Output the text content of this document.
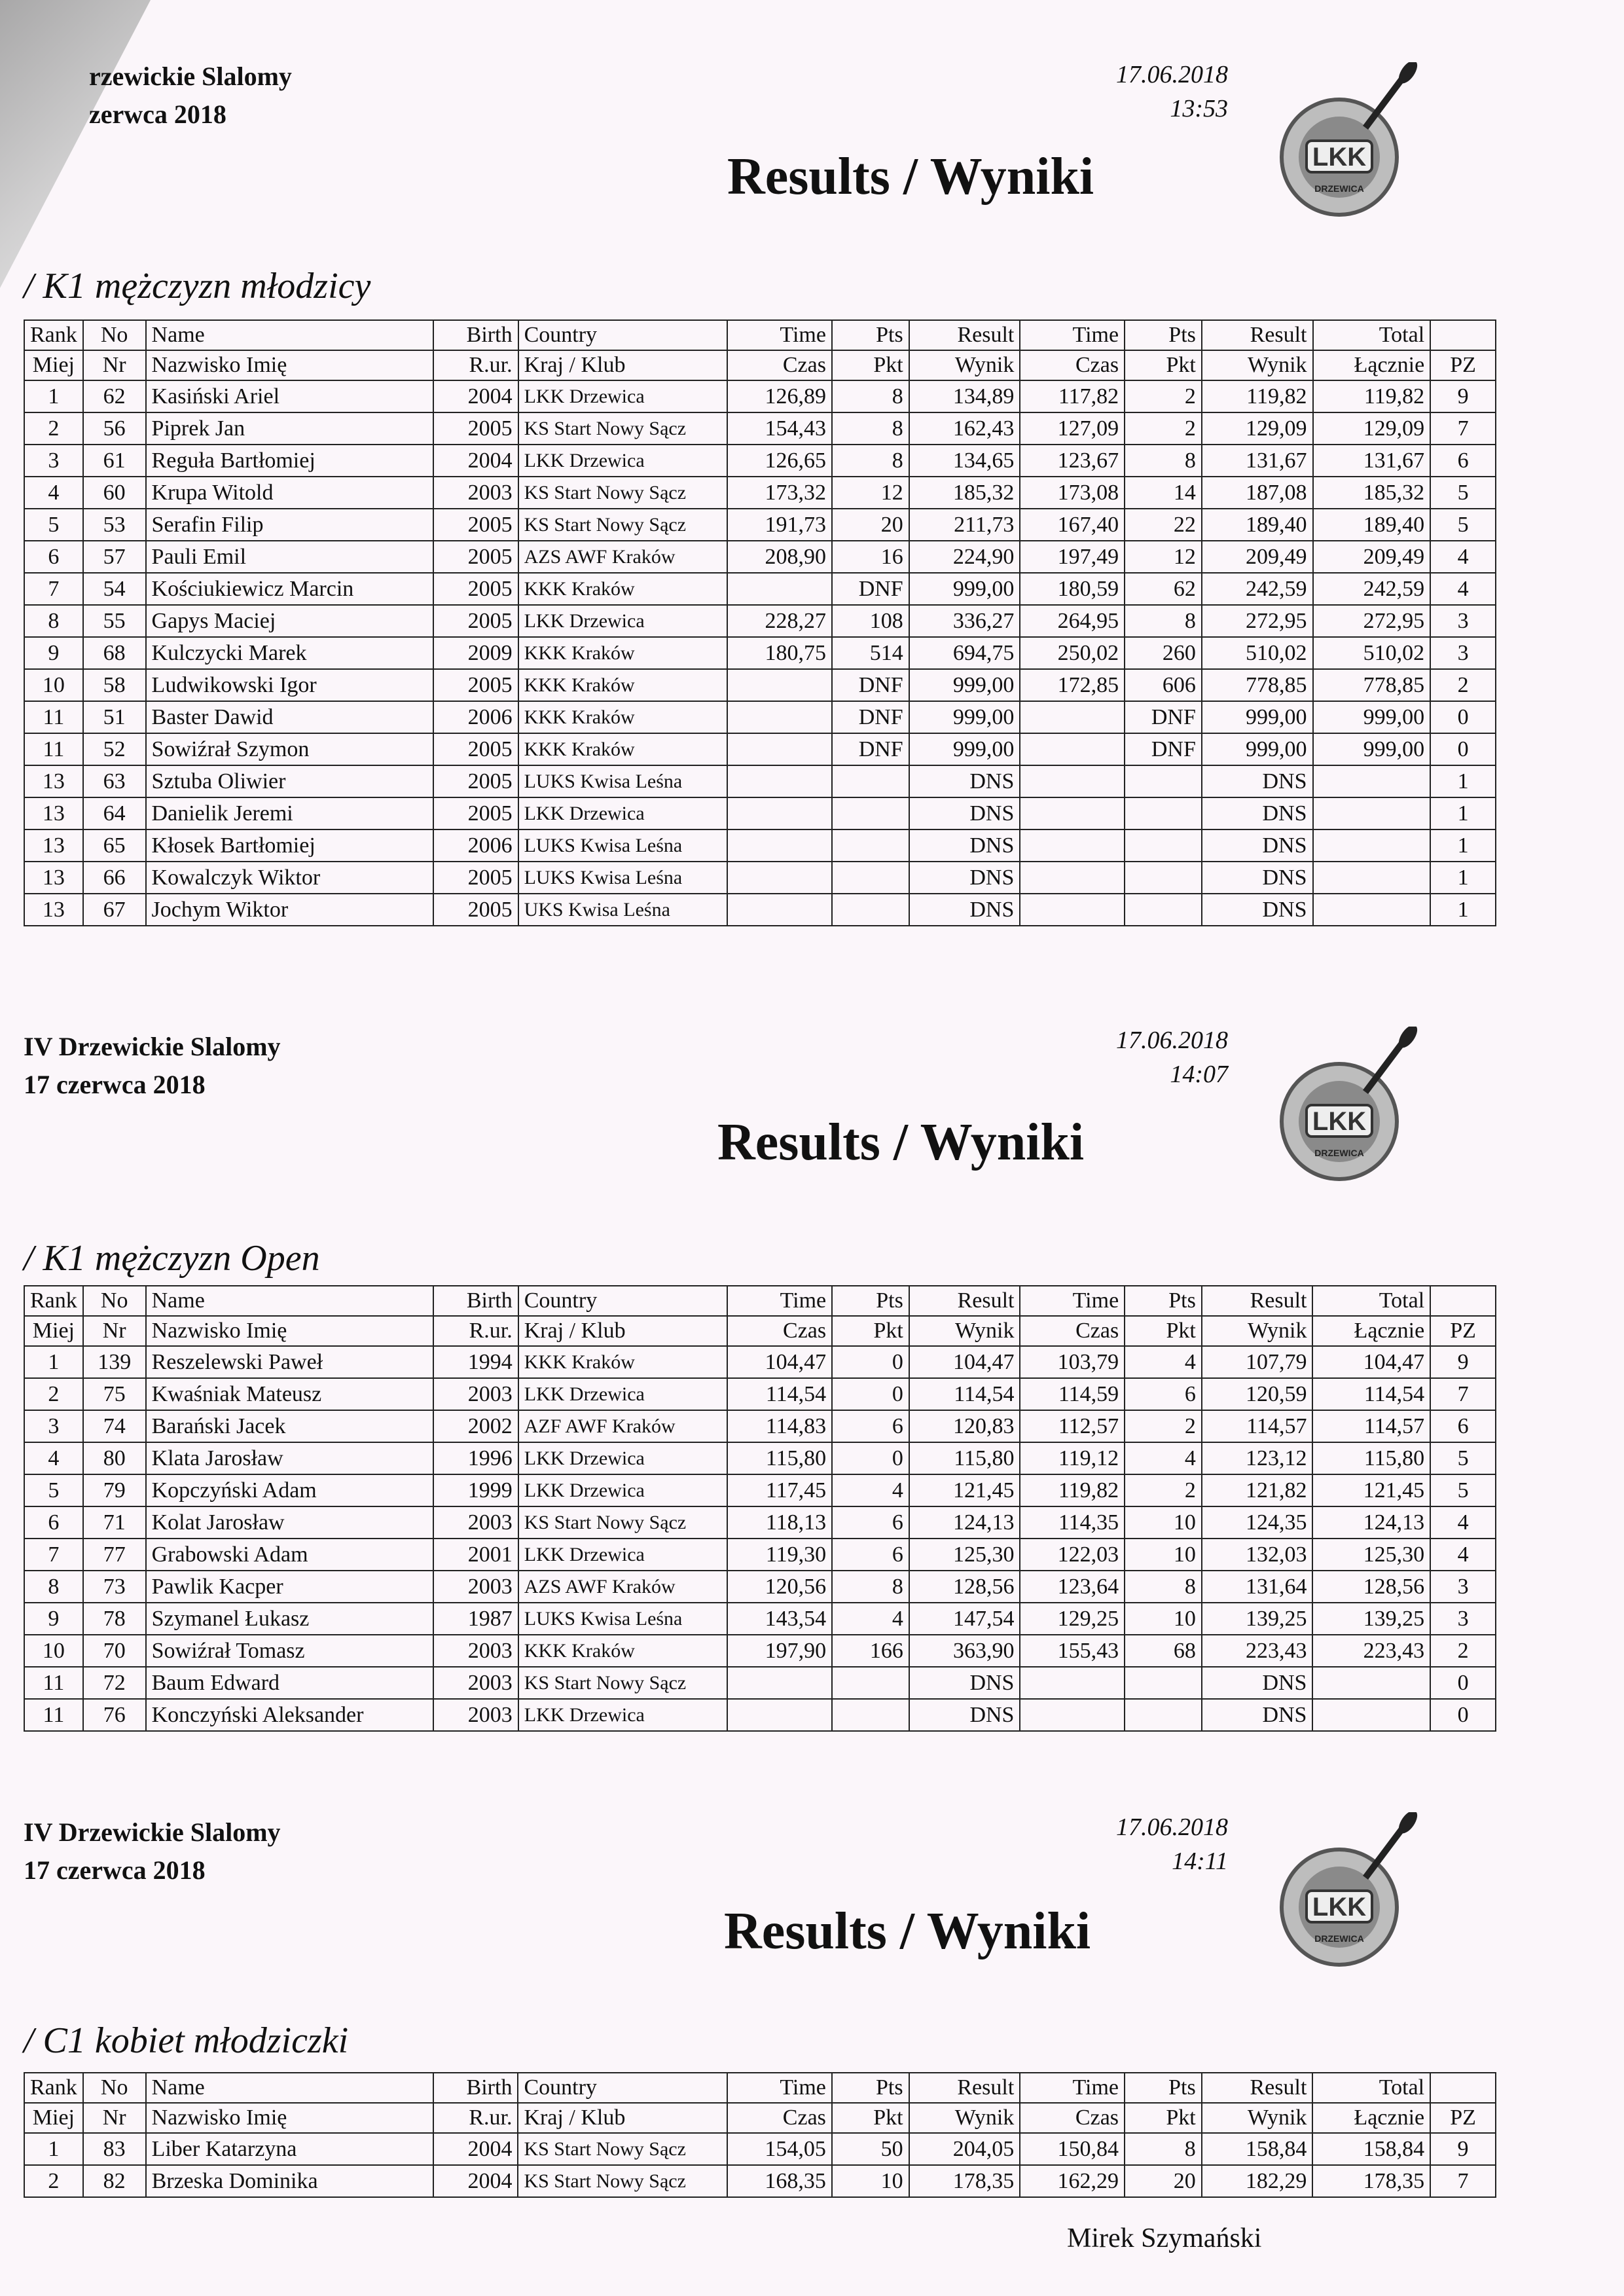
rzewickie Slalomy
zerwca 2018
17.06.2018
13:53
Results / Wyniki	LKK
DRZEWICA
/ K1 mężczyzn młodzicy
Rank	No	Name	Birth	Country	Time	Pts	Result	Time	Pts	Result	Total	
Miej	Nr	Nazwisko Imię	R.ur.	Kraj / Klub	Czas	Pkt	Wynik	Czas	Pkt	Wynik	Łącznie	PZ
1	62	Kasiński Ariel	2004	LKK Drzewica	126,89	8	134,89	117,82	2	119,82	119,82	9
2	56	Piprek Jan	2005	KS Start Nowy Sącz	154,43	8	162,43	127,09	2	129,09	129,09	7
3	61	Reguła Bartłomiej	2004	LKK Drzewica	126,65	8	134,65	123,67	8	131,67	131,67	6
4	60	Krupa Witold	2003	KS Start Nowy Sącz	173,32	12	185,32	173,08	14	187,08	185,32	5
5	53	Serafin Filip	2005	KS Start Nowy Sącz	191,73	20	211,73	167,40	22	189,40	189,40	5
6	57	Pauli Emil	2005	AZS AWF Kraków	208,90	16	224,90	197,49	12	209,49	209,49	4
7	54	Kościukiewicz Marcin	2005	KKK Kraków		DNF	999,00	180,59	62	242,59	242,59	4
8	55	Gapys Maciej	2005	LKK Drzewica	228,27	108	336,27	264,95	8	272,95	272,95	3
9	68	Kulczycki Marek	2009	KKK Kraków	180,75	514	694,75	250,02	260	510,02	510,02	3
10	58	Ludwikowski Igor	2005	KKK Kraków		DNF	999,00	172,85	606	778,85	778,85	2
11	51	Baster Dawid	2006	KKK Kraków		DNF	999,00		DNF	999,00	999,00	0
11	52	Sowiźrał Szymon	2005	KKK Kraków		DNF	999,00		DNF	999,00	999,00	0
13	63	Sztuba Oliwier	2005	LUKS Kwisa Leśna			DNS			DNS		1
13	64	Danielik Jeremi	2005	LKK Drzewica			DNS			DNS		1
13	65	Kłosek Bartłomiej	2006	LUKS Kwisa Leśna			DNS			DNS		1
13	66	Kowalczyk Wiktor	2005	LUKS Kwisa Leśna			DNS			DNS		1
13	67	Jochym Wiktor	2005	UKS Kwisa Leśna			DNS			DNS		1
IV Drzewickie Slalomy
17 czerwca 2018
17.06.2018
14:07
Results / Wyniki	LKK
DRZEWICA
/ K1 mężczyzn Open
Rank	No	Name	Birth	Country	Time	Pts	Result	Time	Pts	Result	Total	
Miej	Nr	Nazwisko Imię	R.ur.	Kraj / Klub	Czas	Pkt	Wynik	Czas	Pkt	Wynik	Łącznie	PZ
1	139	Reszelewski Paweł	1994	KKK Kraków	104,47	0	104,47	103,79	4	107,79	104,47	9
2	75	Kwaśniak Mateusz	2003	LKK Drzewica	114,54	0	114,54	114,59	6	120,59	114,54	7
3	74	Barański Jacek	2002	AZF AWF Kraków	114,83	6	120,83	112,57	2	114,57	114,57	6
4	80	Klata Jarosław	1996	LKK Drzewica	115,80	0	115,80	119,12	4	123,12	115,80	5
5	79	Kopczyński Adam	1999	LKK Drzewica	117,45	4	121,45	119,82	2	121,82	121,45	5
6	71	Kolat Jarosław	2003	KS Start Nowy Sącz	118,13	6	124,13	114,35	10	124,35	124,13	4
7	77	Grabowski Adam	2001	LKK Drzewica	119,30	6	125,30	122,03	10	132,03	125,30	4
8	73	Pawlik Kacper	2003	AZS AWF Kraków	120,56	8	128,56	123,64	8	131,64	128,56	3
9	78	Szymanel Łukasz	1987	LUKS Kwisa Leśna	143,54	4	147,54	129,25	10	139,25	139,25	3
10	70	Sowiźrał Tomasz	2003	KKK Kraków	197,90	166	363,90	155,43	68	223,43	223,43	2
11	72	Baum Edward	2003	KS Start Nowy Sącz			DNS			DNS		0
11	76	Konczyński Aleksander	2003	LKK Drzewica			DNS			DNS		0
IV Drzewickie Slalomy
17 czerwca 2018
17.06.2018
14:11
Results / Wyniki	LKK
DRZEWICA
/ C1 kobiet młodziczki
Rank	No	Name	Birth	Country	Time	Pts	Result	Time	Pts	Result	Total	
Miej	Nr	Nazwisko Imię	R.ur.	Kraj / Klub	Czas	Pkt	Wynik	Czas	Pkt	Wynik	Łącznie	PZ
1	83	Liber Katarzyna	2004	KS Start Nowy Sącz	154,05	50	204,05	150,84	8	158,84	158,84	9
2	82	Brzeska Dominika	2004	KS Start Nowy Sącz	168,35	10	178,35	162,29	20	182,29	178,35	7
Mirek Szymański
